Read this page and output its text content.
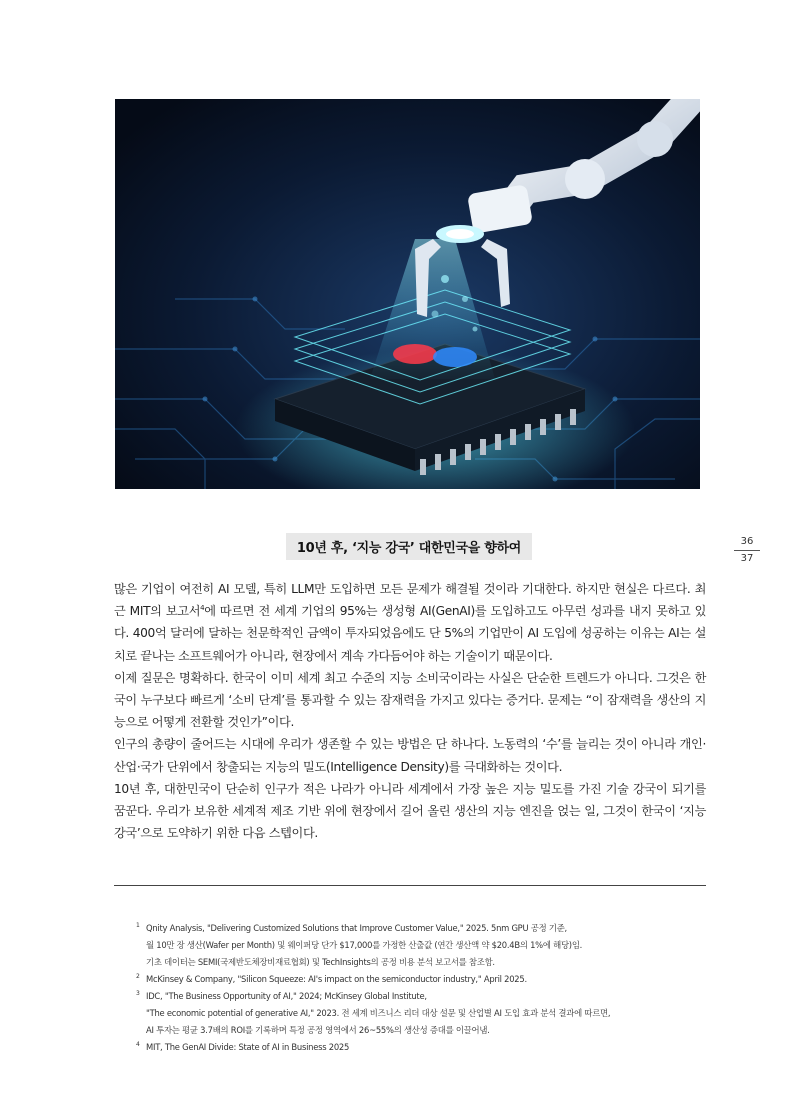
36
37
10년 후, ‘지능 강국’ 대한민국을 향하여

많은 기업이 여전히 AI 모델, 특히 LLM만 도입하면 모든 문제가 해결될 것이라 기대한다. 하지만 현실은 다르다. 최근 MIT의 보고서$^4$에 따르면 전 세계 기업의 95%는 생성형 AI(GenAI)를 도입하고도 아무런 성과를 내지 못하고 있다. 400억 달러에 달하는 천문학적인 금액이 투자되었음에도 단 5%의 기업만이 AI 도입에 성공하는 이유는 AI는 설치로 끝나는 소프트웨어가 아니라, 현장에서 계속 가다듬어야 하는 기술이기 때문이다.

이제 질문은 명확하다. 한국이 이미 세계 최고 수준의 지능 소비국이라는 사실은 단순한 트렌드가 아니다. 그것은 한국이 누구보다 빠르게 ‘소비 단계’를 통과할 수 있는 잠재력을 가지고 있다는 증거다. 문제는 “이 잠재력을 생산의 지능으로 어떻게 전환할 것인가”이다.

인구의 총량이 줄어드는 시대에 우리가 생존할 수 있는 방법은 단 하나다. 노동력의 ‘수’를 늘리는 것이 아니라 개인·산업·국가 단위에서 창출되는 지능의 밀도(Intelligence Density)를 극대화하는 것이다.

10년 후, 대한민국이 단순히 인구가 적은 나라가 아니라 세계에서 가장 높은 지능 밀도를 가진 기술 강국이 되기를 꿈꾼다. 우리가 보유한 세계적 제조 기반 위에 현장에서 길어 올린 생산의 지능 엔진을 얹는 일, 그것이 한국이 ‘지능 강국’으로 도약하기 위한 다음 스텝이다.

1 Qnity Analysis, "Delivering Customized Solutions that Improve Customer Value," 2025. 5nm GPU 공정 기준,
월 10만 장 생산(Wafer per Month) 및 웨이퍼당 단가 $17,000를 가정한 산출값 (연간 생산액 약 $20.4B의 1%에 해당)임.
기초 데이터는 SEMI(국제반도체장비재료협회) 및 TechInsights의 공정 비용 분석 보고서를 참조함.
2 McKinsey & Company, "Silicon Squeeze: AI's impact on the semiconductor industry," April 2025.
3 IDC, "The Business Opportunity of AI," 2024; McKinsey Global Institute,
"The economic potential of generative AI," 2023. 전 세계 비즈니스 리더 대상 설문 및 산업별 AI 도입 효과 분석 결과에 따르면,
AI 투자는 평균 3.7배의 ROI를 기록하며 특정 공정 영역에서 26~55%의 생산성 증대를 이끌어냄.
4 MIT, The GenAI Divide: State of AI in Business 2025
